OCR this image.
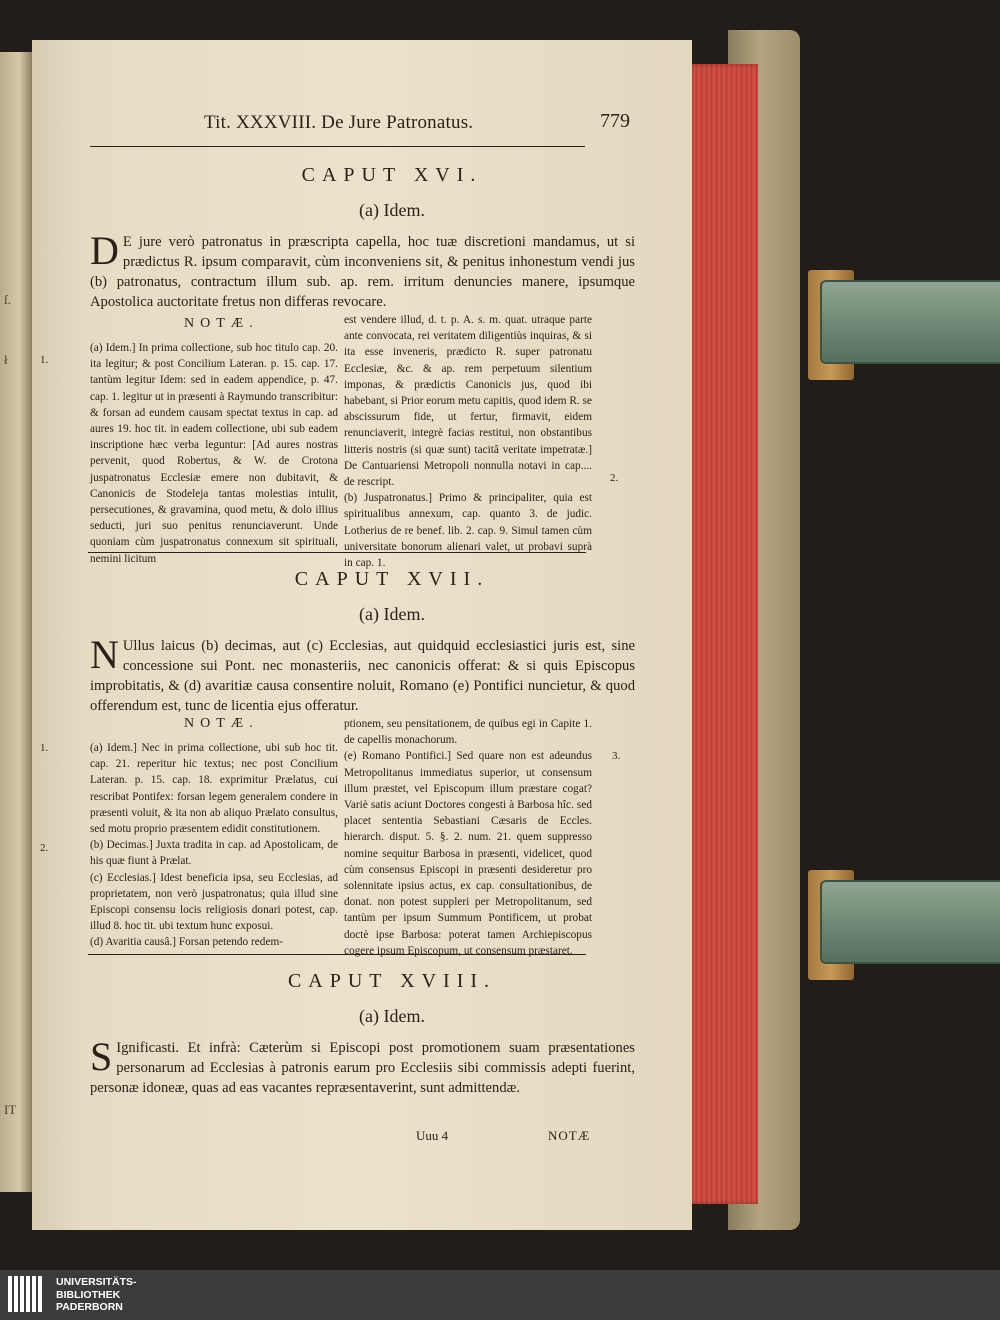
ſ.
ł
IT
Tit. XXXVIII. De Jure Patronatus.	779
CAPUT XVI.
(a) Idem.
D E jure verò patronatus in præscripta capella, hoc tuæ discretioni mandamus, ut si prædictus R. ipsum comparavit, cùm inconveniens sit, & penitus inhonestum vendi jus (b) patronatus, contractum illum sub. ap. rem. irritum denuncies manere, ipsumque Apostolica auctoritate fretus non differas revocare.
NOTÆ.

(a) Idem.] In prima collectione, sub hoc titulo cap. 20. ita legitur; & post Concilium Lateran. p. 15. cap. 17. tantùm legitur Idem: sed in eadem appendice, p. 47. cap. 1. legitur ut in præsenti à Raymundo transcribitur: & forsan ad eundem causam spectat textus in cap. ad aures 19. hoc tit. in eadem collectione, ubi sub eadem inscriptione hæc verba leguntur: [Ad aures nostras pervenit, quod Robertus, & W. de Crotona juspatronatus Ecclesiæ emere non dubitavit, & Canonicis de Stodeleja tantas molestias intulit, persecutiones, & gravamina, quod metu, & dolo illius seducti, juri suo penitus renunciaverunt. Unde quoniam cùm juspatronatus connexum sit spirituali, nemini licitum

est vendere illud, d. t. p. A. s. m. quat. utraque parte ante convocata, rei veritatem diligentiùs inquiras, & si ita esse inveneris, prædicto R. super patronatu Ecclesiæ, &c. & ap. rem perpetuum silentium imponas, & prædictis Canonicis jus, quod ibi habebant, si Prior eorum metu capitis, quod idem R. se abscissurum fide, ut fertur, firmavit, eidem renunciaverit, integrè facias restitui, non obstantibus litteris nostris (si quæ sunt) tacitâ veritate impetratæ.] De Cantuariensi Metropoli nonnulla notavi in cap.... de rescript.

(b) Juspatronatus.] Primo & principaliter, quia est spiritualibus annexum, cap. quanto 3. de judic. Lotherius de re benef. lib. 2. cap. 9. Simul tamen cùm universitate bonorum alienari valet, ut probavi suprà in cap. 1.

CAPUT XVII.
(a) Idem.
N Ullus laicus (b) decimas, aut (c) Ecclesias, aut quidquid ecclesiastici juris est, sine concessione sui Pont. nec monasteriis, nec canonicis offerat: & si quis Episcopus improbitatis, & (d) avaritiæ causa consentire noluit, Romano (e) Pontifici nuncietur, & quod offerendum est, tunc de licentia ejus offeratur.
NOTÆ.

(a) Idem.] Nec in prima collectione, ubi sub hoc tit. cap. 21. reperitur hic textus; nec post Concilium Lateran. p. 15. cap. 18. exprimitur Prælatus, cui rescribat Pontifex: forsan legem generalem condere in præsenti voluit, & ita non ab aliquo Prælato consultus, sed motu proprio præsentem edidit constitutionem.

(b) Decimas.] Juxta tradita in cap. ad Apostolicam, de his quæ fiunt à Prælat.

(c) Ecclesias.] Idest beneficia ipsa, seu Ecclesias, ad proprietatem, non verò juspatronatus; quia illud sine Episcopi consensu locis religiosis donari potest, cap. illud 8. hoc tit. ubi textum hunc exposui.

(d) Avaritia causâ.] Forsan petendo redem-

ptionem, seu pensitationem, de quibus egi in Capite 1. de capellis monachorum.

(e) Romano Pontifici.] Sed quare non est adeundus Metropolitanus immediatus superior, ut consensum illum præstet, vel Episcopum illum præstare cogat? Variè satis aciunt Doctores congesti à Barbosa hîc. sed placet sententia Sebastiani Cæsaris de Eccles. hierarch. disput. 5. §. 2. num. 21. quem suppresso nomine sequitur Barbosa in præsenti, videlicet, quod cùm consensus Episcopi in præsenti desideretur pro solennitate ipsius actus, ex cap. consultationibus, de donat. non potest suppleri per Metropolitanum, sed tantùm per ipsum Summum Pontificem, ut probat doctè ipse Barbosa: poterat tamen Archiepiscopus cogere ipsum Episcopum, ut consensum præstaret.

CAPUT XVIII.
(a) Idem.
S Ignificasti. Et infrà: Cæterùm si Episcopi post promotionem suam præsentationes personarum ad Ecclesias à patronis earum pro Ecclesiis sibi commissis adepti fuerint, personæ idoneæ, quas ad eas vacantes repræsentaverint, sunt admittendæ.
Uuu 4	NOTÆ
1.
2.
1.
2.
3.
UNIVERSITÄTS-
BIBLIOTHEK
PADERBORN
